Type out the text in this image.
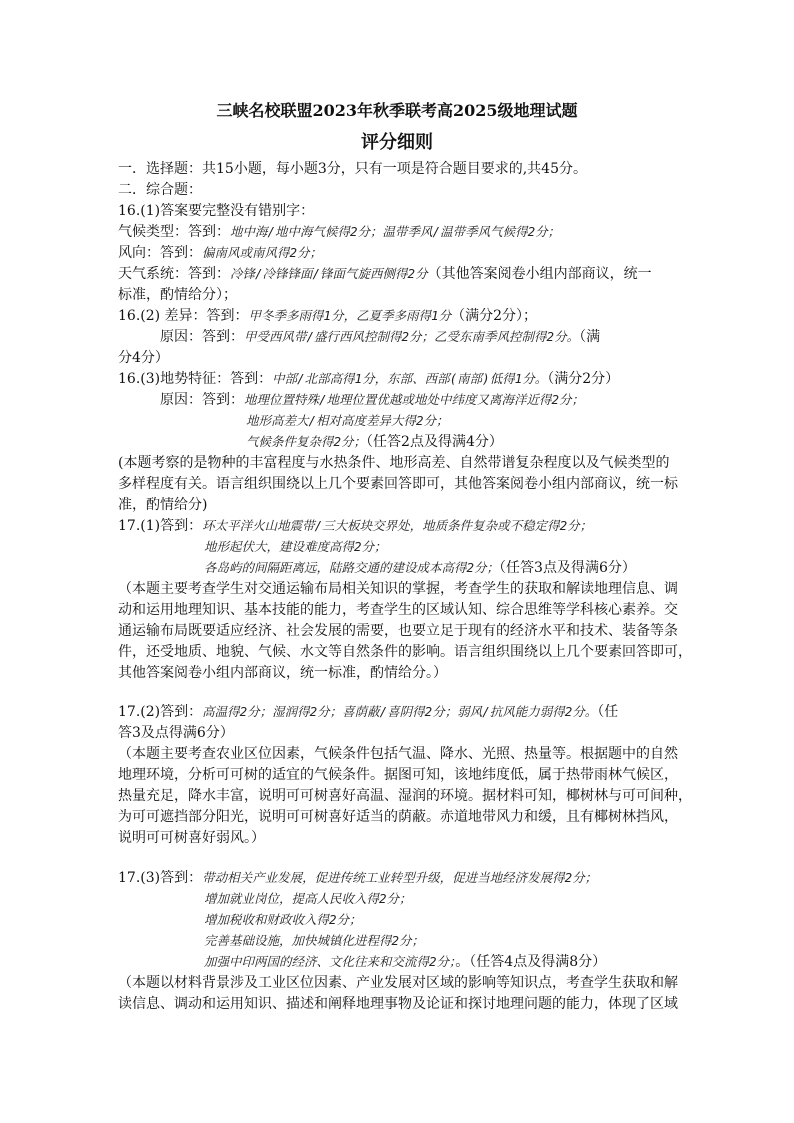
三峡名校联盟2023年秋季联考高2025级地理试题
评分细则
一．选择题：共15小题，每小题3分，只有一项是符合题目要求的,共45分。
二．综合题：
16.(1)答案要完整没有错别字：
气候类型：答到：地中海/地中海气候得2分；温带季风/温带季风气候得2分；
风向：答到：偏南风或南风得2分；
天气系统：答到：冷锋/冷锋锋面/锋面气旋西侧得2分（其他答案阅卷小组内部商议，统一
标准，酌情给分）；
16.(2) 差异：答到：甲冬季多雨得1分，乙夏季多雨得1分（满分2分）；
原因：答到：甲受西风带/盛行西风控制得2分；乙受东南季风控制得2分。（满
分4分）
16.(3)地势特征：答到：中部/北部高得1分，东部、西部(南部)低得1分。（满分2分）
原因：答到：地理位置特殊/地理位置优越或地处中纬度又离海洋近得2分；
地形高差大/相对高度差异大得2分；
气候条件复杂得2分；（任答2点及得满4分）
(本题考察的是物种的丰富程度与水热条件、地形高差、自然带谱复杂程度以及气候类型的
多样程度有关。语言组织围绕以上几个要素回答即可，其他答案阅卷小组内部商议，统一标
准，酌情给分)
17.(1)答到：环太平洋火山地震带/三大板块交界处，地质条件复杂或不稳定得2分；
地形起伏大，建设难度高得2分；
各岛屿的间隔距离远，陆路交通的建设成本高得2分；（任答3点及得满6分）
（本题主要考查学生对交通运输布局相关知识的掌握，考查学生的获取和解读地理信息、调
动和运用地理知识、基本技能的能力，考查学生的区域认知、综合思维等学科核心素养。交
通运输布局既要适应经济、社会发展的需要，也要立足于现有的经济水平和技术、装备等条
件，还受地质、地貌、气候、水文等自然条件的影响。语言组织围绕以上几个要素回答即可，
其他答案阅卷小组内部商议，统一标准，酌情给分。）
17.(2)答到：高温得2分；湿润得2分；喜荫蔽/喜阴得2分；弱风/抗风能力弱得2分。（任
答3及点得满6分）
（本题主要考查农业区位因素，气候条件包括气温、降水、光照、热量等。根据题中的自然
地理环境，分析可可树的适宜的气候条件。据图可知，该地纬度低，属于热带雨林气候区，
热量充足，降水丰富，说明可可树喜好高温、湿润的环境。据材料可知，椰树林与可可间种，
为可可遮挡部分阳光，说明可可树喜好适当的荫蔽。赤道地带风力和缓，且有椰树林挡风，
说明可可树喜好弱风。）
17.(3)答到：带动相关产业发展，促进传统工业转型升级，促进当地经济发展得2分；
增加就业岗位，提高人民收入得2分；
增加税收和财政收入得2分；
完善基础设施，加快城镇化进程得2分；
加强中印两国的经济、文化往来和交流得2分；。（任答4点及得满8分）
（本题以材料背景涉及工业区位因素、产业发展对区域的影响等知识点，考查学生获取和解
读信息、调动和运用知识、描述和阐释地理事物及论证和探讨地理问题的能力，体现了区域
